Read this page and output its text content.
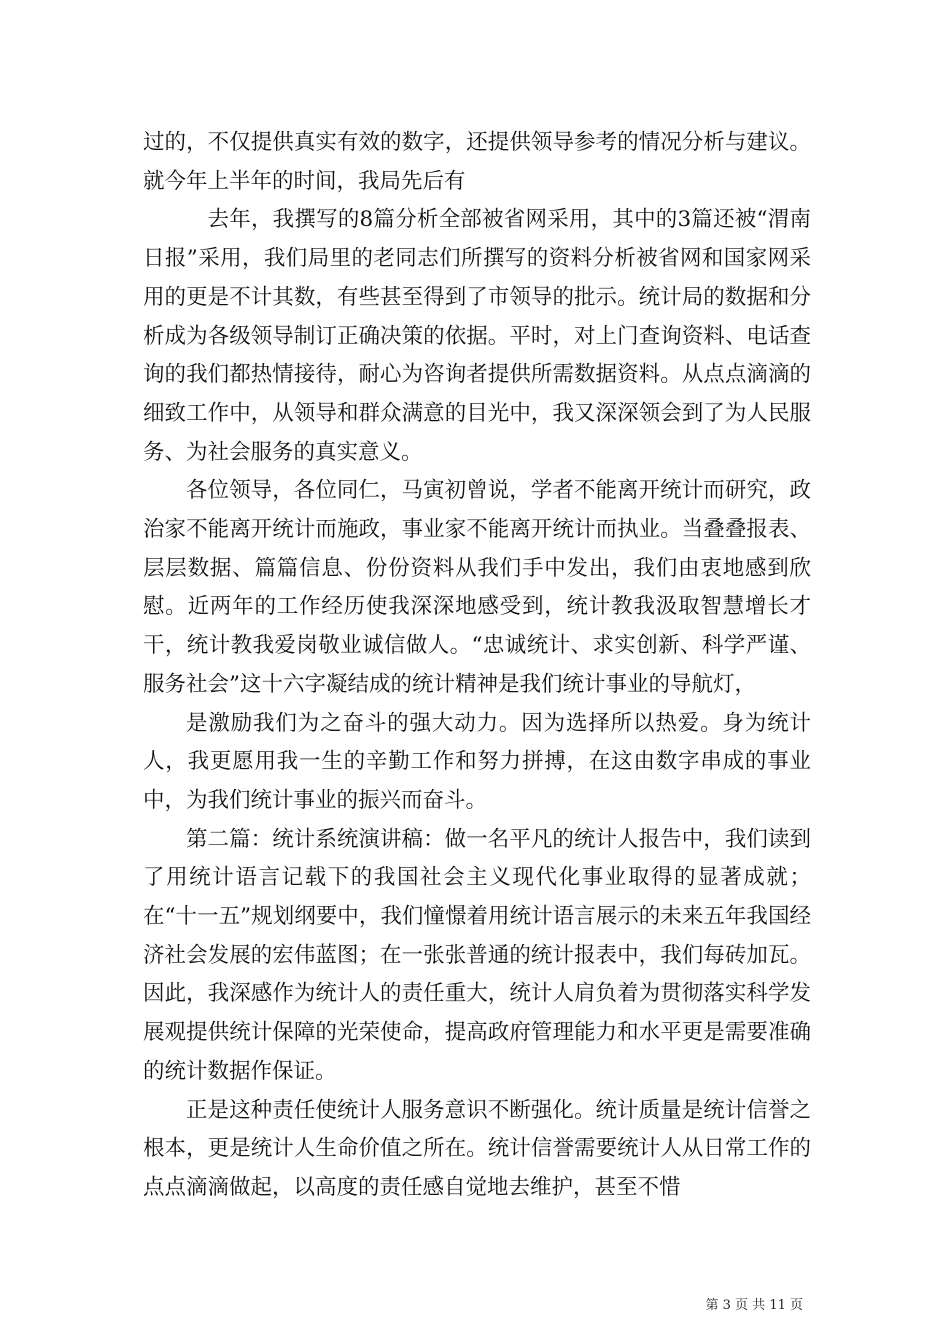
过的，不仅提供真实有效的数字，还提供领导参考的情况分析与建议。就今年上半年的时间，我局先后有

去年，我撰写的8篇分析全部被省网采用，其中的3篇还被“渭南日报”采用，我们局里的老同志们所撰写的资料分析被省网和国家网采用的更是不计其数，有些甚至得到了市领导的批示。统计局的数据和分析成为各级领导制订正确决策的依据。平时，对上门查询资料、电话查询的我们都热情接待，耐心为咨询者提供所需数据资料。从点点滴滴的细致工作中，从领导和群众满意的目光中，我又深深领会到了为人民服务、为社会服务的真实意义。

各位领导，各位同仁，马寅初曾说，学者不能离开统计而研究，政治家不能离开统计而施政，事业家不能离开统计而执业。当叠叠报表、层层数据、篇篇信息、份份资料从我们手中发出，我们由衷地感到欣慰。近两年的工作经历使我深深地感受到，统计教我汲取智慧增长才干，统计教我爱岗敬业诚信做人。“忠诚统计、求实创新、科学严谨、服务社会”这十六字凝结成的统计精神是我们统计事业的导航灯，

是激励我们为之奋斗的强大动力。因为选择所以热爱。身为统计人，我更愿用我一生的辛勤工作和努力拼搏，在这由数字串成的事业中，为我们统计事业的振兴而奋斗。

第二篇：统计系统演讲稿：做一名平凡的统计人报告中，我们读到了用统计语言记载下的我国社会主义现代化事业取得的显著成就；在“十一五”规划纲要中，我们憧憬着用统计语言展示的未来五年我国经济社会发展的宏伟蓝图；在一张张普通的统计报表中，我们每砖加瓦。因此，我深感作为统计人的责任重大，统计人肩负着为贯彻落实科学发展观提供统计保障的光荣使命，提高政府管理能力和水平更是需要准确的统计数据作保证。

正是这种责任使统计人服务意识不断强化。统计质量是统计信誉之根本，更是统计人生命价值之所在。统计信誉需要统计人从日常工作的点点滴滴做起，以高度的责任感自觉地去维护，甚至不惜

第 3 页 共 11 页
